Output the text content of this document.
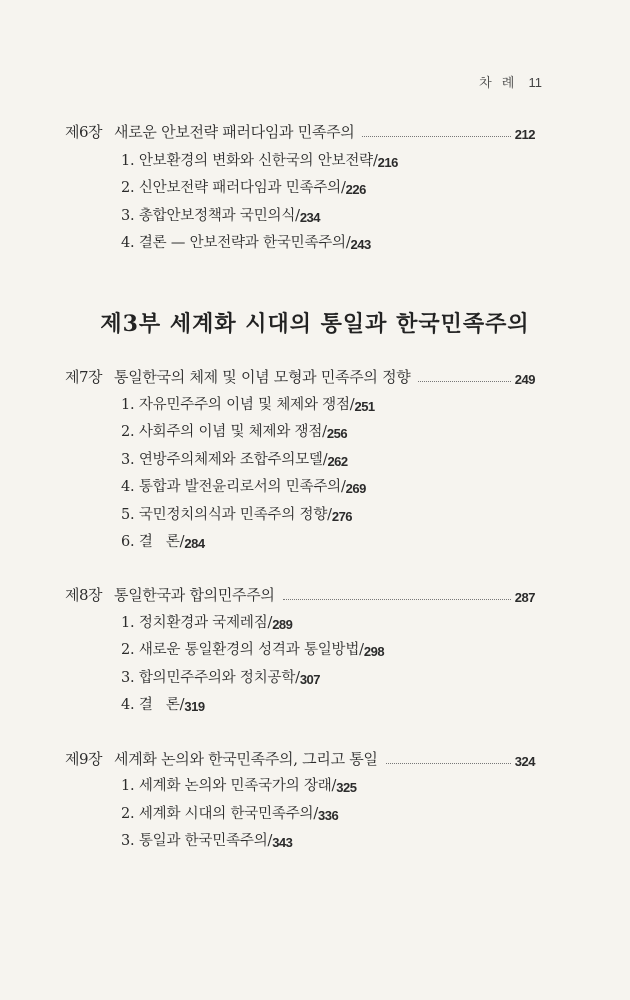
차 례 11
제6장 새로운 안보전략 패러다임과 민족주의	212
1. 안보환경의 변화와 신한국의 안보전략/ 216
2. 신안보전략 패러다임과 민족주의/ 226
3. 총합안보정책과 국민의식/ 234
4. 결론 — 안보전략과 한국민족주의/ 243
제3부 세계화 시대의 통일과 한국민족주의
제7장 통일한국의 체제 및 이념 모형과 민족주의 정향	249
1. 자유민주주의 이념 및 체제와 쟁점/ 251
2. 사회주의 이념 및 체제와 쟁점/ 256
3. 연방주의체제와 조합주의모델/ 262
4. 통합과 발전윤리로서의 민족주의/ 269
5. 국민정치의식과 민족주의 정향/ 276
6. 결   론/ 284
제8장 통일한국과 합의민주주의	287
1. 정치환경과 국제레짐/ 289
2. 새로운 통일환경의 성격과 통일방법/ 298
3. 합의민주주의와 정치공학/ 307
4. 결   론/ 319
제9장 세계화 논의와 한국민족주의, 그리고 통일	324
1. 세계화 논의와 민족국가의 장래/ 325
2. 세계화 시대의 한국민족주의/ 336
3. 통일과 한국민족주의/ 343
